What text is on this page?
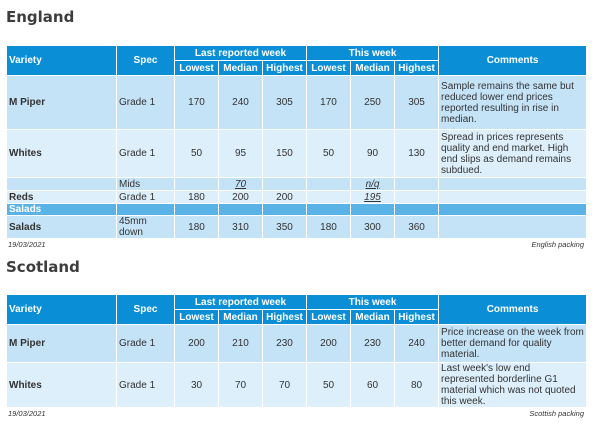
England
Variety	Spec	Last reported week			This week			Comments
		Lowest	Median	Highest	Lowest	Median	Highest	
M Piper	Grade 1	170	240	305	170	250	305	Sample remains the same but reduced lower end prices reported resulting in rise in median.
Whites	Grade 1	50	95	150	50	90	130	Spread in prices represents quality and end market. High end slips as demand remains subdued.
	Mids		70			n/q		
Reds	Grade 1	180	200	200		195		
Salads								
Salads	45mm down	180	310	350	180	300	360	
19/03/2021	English packing
Scotland
Variety	Spec	Last reported week			This week			Comments
		Lowest	Median	Highest	Lowest	Median	Highest	
M Piper	Grade 1	200	210	230	200	230	240	Price increase on the week from better demand for quality material.
Whites	Grade 1	30	70	70	50	60	80	Last week's low end represented borderline G1 material which was not quoted this week.
19/03/2021	Scottish packing
